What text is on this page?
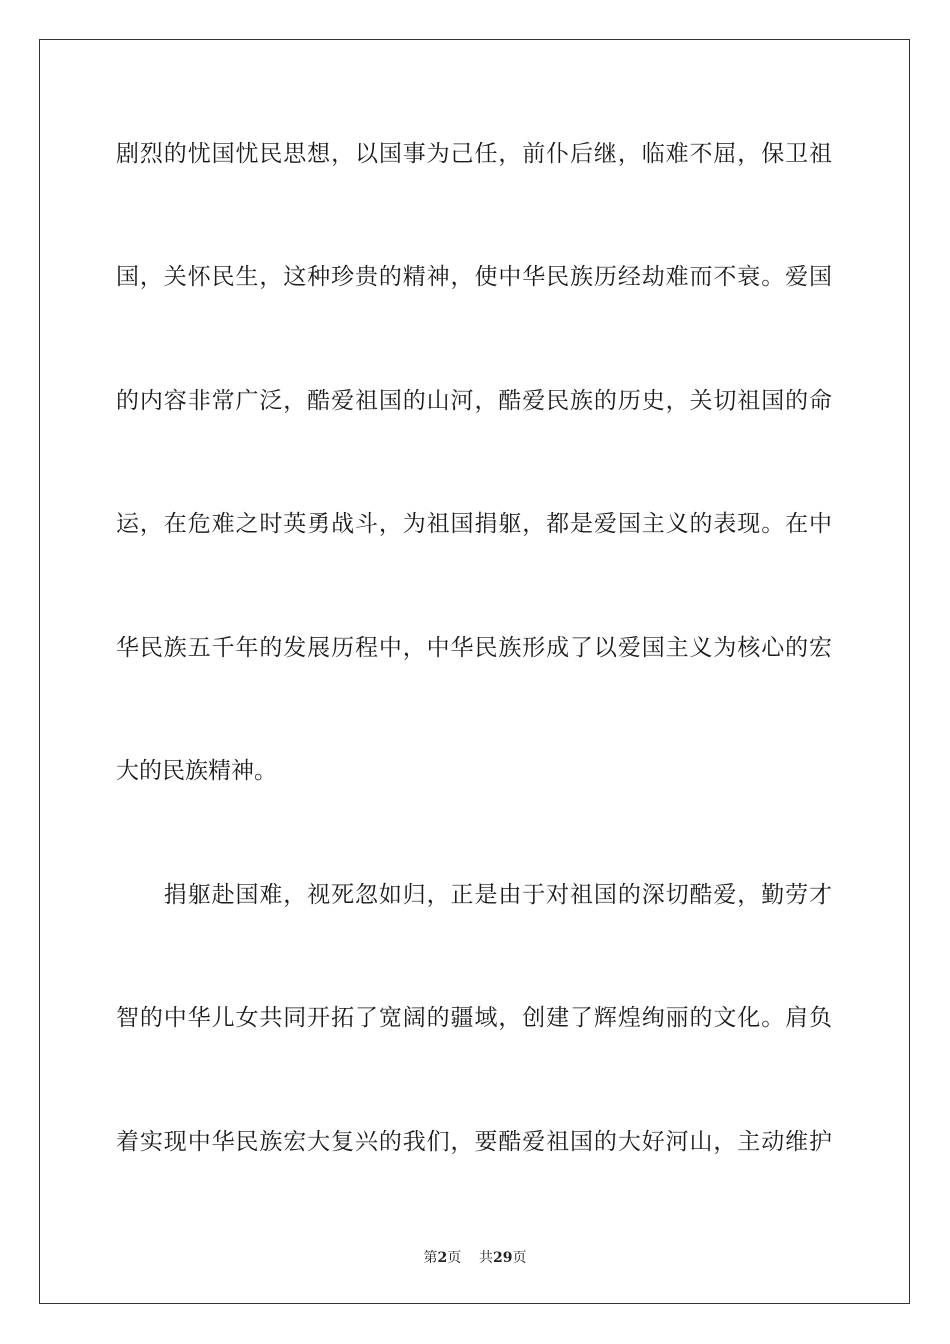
剧烈的忧国忧民思想，以国事为己任，前仆后继，临难不屈，保卫祖
国，关怀民生，这种珍贵的精神，使中华民族历经劫难而不衰。爱国
的内容非常广泛，酷爱祖国的山河，酷爱民族的历史，关切祖国的命
运，在危难之时英勇战斗，为祖国捐躯，都是爱国主义的表现。在中
华民族五千年的发展历程中，中华民族形成了以爱国主义为核心的宏
大的民族精神。
　　捐躯赴国难，视死忽如归，正是由于对祖国的深切酷爱，勤劳才
智的中华儿女共同开拓了宽阔的疆域，创建了辉煌绚丽的文化。肩负
着实现中华民族宏大复兴的我们，要酷爱祖国的大好河山，主动维护
第2页 共29页
